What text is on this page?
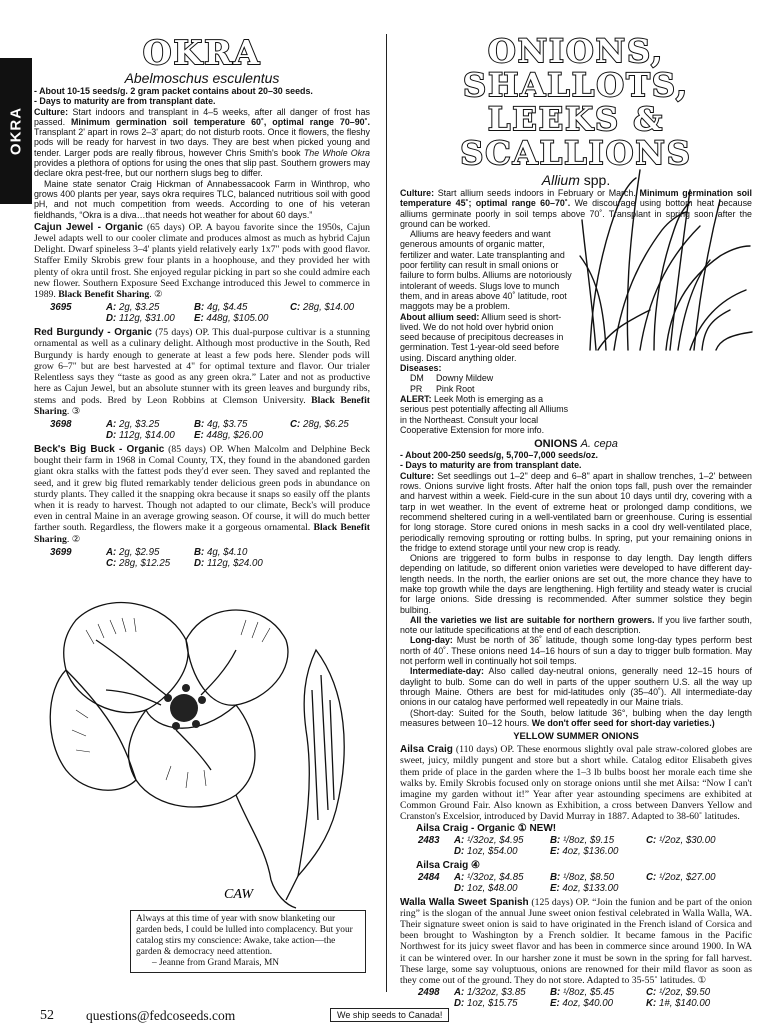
OKRA
OKRA
Abelmoschus esculentus
- About 10-15 seeds/g. 2 gram packet contains about 20–30 seeds.
- Days to maturity are from transplant date.

Culture: Start indoors and transplant in 4–5 weeks, after all danger of frost has passed. Minimum germination soil temperature 60˚, optimal range 70–90˚. Transplant 2' apart in rows 2–3' apart; do not disturb roots. Once it flowers, the fleshy pods will be ready for harvest in two days. They are best when picked young and tender. Larger pods are really fibrous, however Chris Smith's book The Whole Okra provides a plethora of options for using the ones that slip past. Southern growers may declare okra pest-free, but our northern slugs beg to differ.

Maine state senator Craig Hickman of Annabessacook Farm in Winthrop, who grows 400 plants per year, says okra requires TLC, balanced nutritious soil with good pH, and not much competition from weeds. According to one of his veteran fieldhands, “Okra is a diva…that needs hot weather for about 60 days.”

Cajun Jewel - Organic (65 days) OP. A bayou favorite since the 1950s, Cajun Jewel adapts well to our cooler climate and produces almost as much as hybrid Cajun Delight. Dwarf spineless 3–4' plants yield relatively early 1x7" pods with good flavor. Staffer Emily Skrobis grew four plants in a hoophouse, and they provided her with plenty of okra until frost. She enjoyed regular picking in part so she could admire each new flower. Southern Exposure Seed Exchange introduced this Jewel to commerce in 1989. Black Benefit Sharing. ②

3695	A: 2g, $3.25	B: 4g, $4.45	C: 28g, $14.00
D: 112g, $31.00	E: 448g, $105.00

Red Burgundy - Organic (75 days) OP. This dual-purpose cultivar is a stunning ornamental as well as a culinary delight. Although most productive in the South, Red Burgundy is hardy enough to generate at least a few pods here. Slender pods will grow 6–7" but are best harvested at 4" for optimal texture and flavor. Our trialer Relentless says they “taste as good as any green okra.” Later and not as productive here as Cajun Jewel, but an absolute stunner with its green leaves and burgundy ribs, stems and pods. Bred by Leon Robbins at Clemson University. Black Benefit Sharing. ③

3698	A: 2g, $3.25	B: 4g, $3.75	C: 28g, $6.25
D: 112g, $14.00	E: 448g, $26.00

Beck's Big Buck - Organic (85 days) OP. When Malcolm and Delphine Beck bought their farm in 1968 in Comal County, TX, they found in the abandoned garden giant okra stalks with the fattest pods they'd ever seen. They saved and replanted the seed, and it grew big fluted remarkably tender delicious green pods in abundance on sturdy plants. They called it the snapping okra because it snaps so easily off the plants when it is ready to harvest. Though not adapted to our climate, Beck's will produce even in central Maine in an average growing season. Of course, it will do much better farther south. Regardless, the flowers make it a gorgeous ornamental. Black Benefit Sharing. ②

3699	A: 2g, $2.95	B: 4g, $4.10
C: 28g, $12.25	D: 112g, $24.00
CAW
Always at this time of year with snow blanketing our garden beds, I could be lulled into complacency. But your catalog stirs my conscience: Awake, take action—the garden & democracy need attention.
– Jeanne from Grand Marais, MN
ONIONS, SHALLOTS,
LEEKS & SCALLIONS
Allium spp.

Culture: Start allium seeds indoors in February or March. Minimum germination soil temperature 45˚; optimal range 60–70˚. We discourage using bottom heat because alliums germinate poorly in soil temps above 70˚. Transplant in spring soon after the ground can be worked.

Alliums are heavy feeders and want generous amounts of organic matter, fertilizer and water. Late transplanting and poor fertility can result in small onions or failure to form bulbs. Alliums are notoriously intolerant of weeds. Slugs love to munch them, and in areas above 40˚ latitude, root maggots may be a problem.

About allium seed: Allium seed is short-lived. We do not hold over hybrid onion seed because of precipitous decreases in germination. Test 1-year-old seed before using. Discard anything older.

Diseases:
DM Downy Mildew
PR Pink Root

ALERT: Leek Moth is emerging as a serious pest potentially affecting all Alliums in the Northeast. Consult your local Cooperative Extension for more info.

ONIONS A. cepa
- About 200-250 seeds/g, 5,700–7,000 seeds/oz.
- Days to maturity are from transplant date.

Culture: Set seedlings out 1–2" deep and 6–8" apart in shallow trenches, 1–2' between rows. Onions survive light frosts. After half the onion tops fall, push over the remainder and harvest within a week. Field-cure in the sun about 10 days until dry, covering with a tarp in wet weather. In the event of extreme heat or prolonged damp conditions, we recommend sheltered curing in a well-ventilated barn or greenhouse. Curing is essential for long storage. Store cured onions in mesh sacks in a cool dry well-ventilated place, periodically removing sprouting or rotting bulbs. In spring, put your remaining onions in the fridge to extend storage until your new crop is ready.

Onions are triggered to form bulbs in response to day length. Day length differs depending on latitude, so different onion varieties were developed to have different day-length needs. In the north, the earlier onions are set out, the more chance they have to make top growth while the days are lengthening. High fertility and steady water is crucial for large onions. Side dressing is recommended. After summer solstice they begin bulbing.

All the varieties we list are suitable for northern growers. If you live farther south, note our latitude specifications at the end of each description.

Long-day: Must be north of 36˚ latitude, though some long-day types perform best north of 40˚. These onions need 14–16 hours of sun a day to trigger bulb formation. May not perform well in continually hot soil temps.

Intermediate-day: Also called day-neutral onions, generally need 12–15 hours of daylight to bulb. Some can do well in parts of the upper southern U.S. all the way up through Maine. Others are best for mid-latitudes only (35–40˚). All intermediate-day onions in our catalog have performed well repeatedly in our Maine trials.

(Short-day: Suited for the South, below latitude 36°, bulbing when the day length measures between 10–12 hours. We don't offer seed for short-day varieties.)

YELLOW SUMMER ONIONS

Ailsa Craig (110 days) OP. These enormous slightly oval pale straw-colored globes are sweet, juicy, mildly pungent and store but a short while. Catalog editor Elisabeth gives them pride of place in the garden where the 1–3 lb bulbs boost her morale each time she walks by. Emily Skrobis focused only on storage onions until she met Ailsa: “Now I can't imagine my garden without it!” Year after year astounding specimens are exhibited at Common Ground Fair. Also known as Exhibition, a cross between Danvers Yellow and Cranston's Excelsior, introduced by David Murray in 1887. Adapted to 38-60˚ latitudes.

Ailsa Craig - Organic ① NEW!
2483	A: ¹/32oz, $4.95	B: ¹/8oz, $9.15	C: ¹/2oz, $30.00
D: 1oz, $54.00	E: 4oz, $136.00
Ailsa Craig ④
2484	A: ¹/32oz, $4.85	B: ¹/8oz, $8.50	C: ¹/2oz, $27.00
D: 1oz, $48.00	E: 4oz, $133.00

Walla Walla Sweet Spanish (125 days) OP. “Join the funion and be part of the onion ring” is the slogan of the annual June sweet onion festival celebrated in Walla Walla, WA. Their signature sweet onion is said to have originated in the French island of Corsica and been brought to Washington by a French soldier. It became famous in the Pacific Northwest for its juicy sweet flavor and has been in commerce since around 1900. In WA it can be wintered over. In our harsher zone it must be sown in the spring for fall harvest. These large, some say voluptuous, onions are renowned for their mild flavor as soon as they come out of the ground. They do not store. Adapted to 35-55˚ latitudes. ①

2498	A: 1/32oz, $3.85	B: ¹/8oz, $5.45	C: ¹/2oz, $9.50
D: 1oz, $15.75	E: 4oz, $40.00	K: 1#, $140.00
52 questions@fedcoseeds.com	We ship seeds to Canada!
